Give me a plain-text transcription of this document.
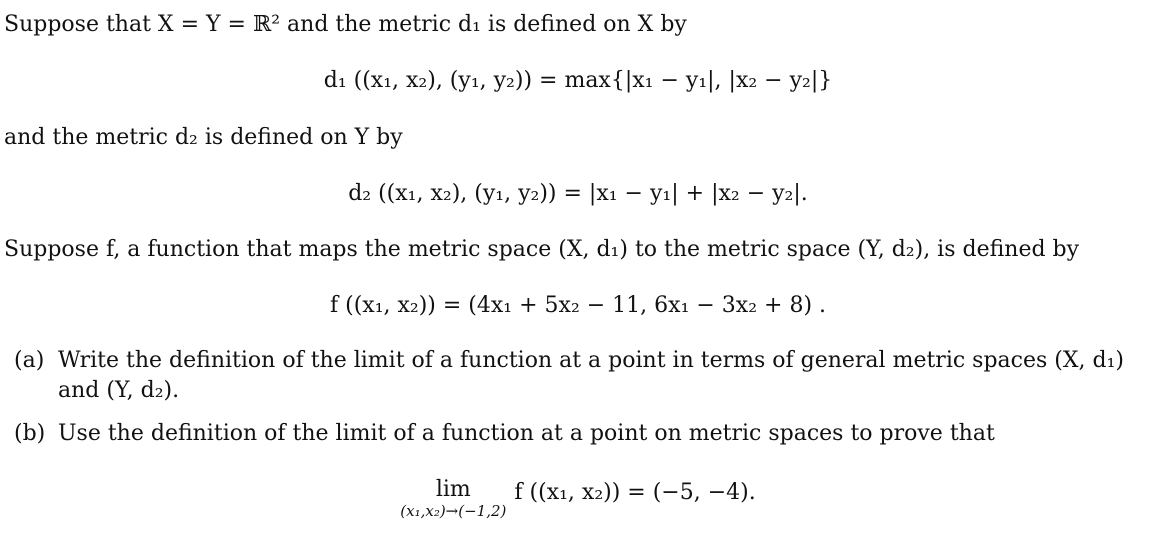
Suppose that X = Y = ℝ² and the metric d₁ is defined on X by
d₁ ((x₁, x₂), (y₁, y₂)) = max{|x₁ − y₁|, |x₂ − y₂|}
and the metric d₂ is defined on Y by
d₂ ((x₁, x₂), (y₁, y₂)) = |x₁ − y₁| + |x₂ − y₂|.
Suppose f, a function that maps the metric space (X, d₁) to the metric space (Y, d₂), is defined by
f ((x₁, x₂)) = (4x₁ + 5x₂ − 11, 6x₁ − 3x₂ + 8) .
(a) Write the definition of the limit of a function at a point in terms of general metric spaces (X, d₁) and (Y, d₂).
(b) Use the definition of the limit of a function at a point on metric spaces to prove that
lim
(x₁,x₂)→(−1,2)
f ((x₁, x₂)) = (−5, −4).
